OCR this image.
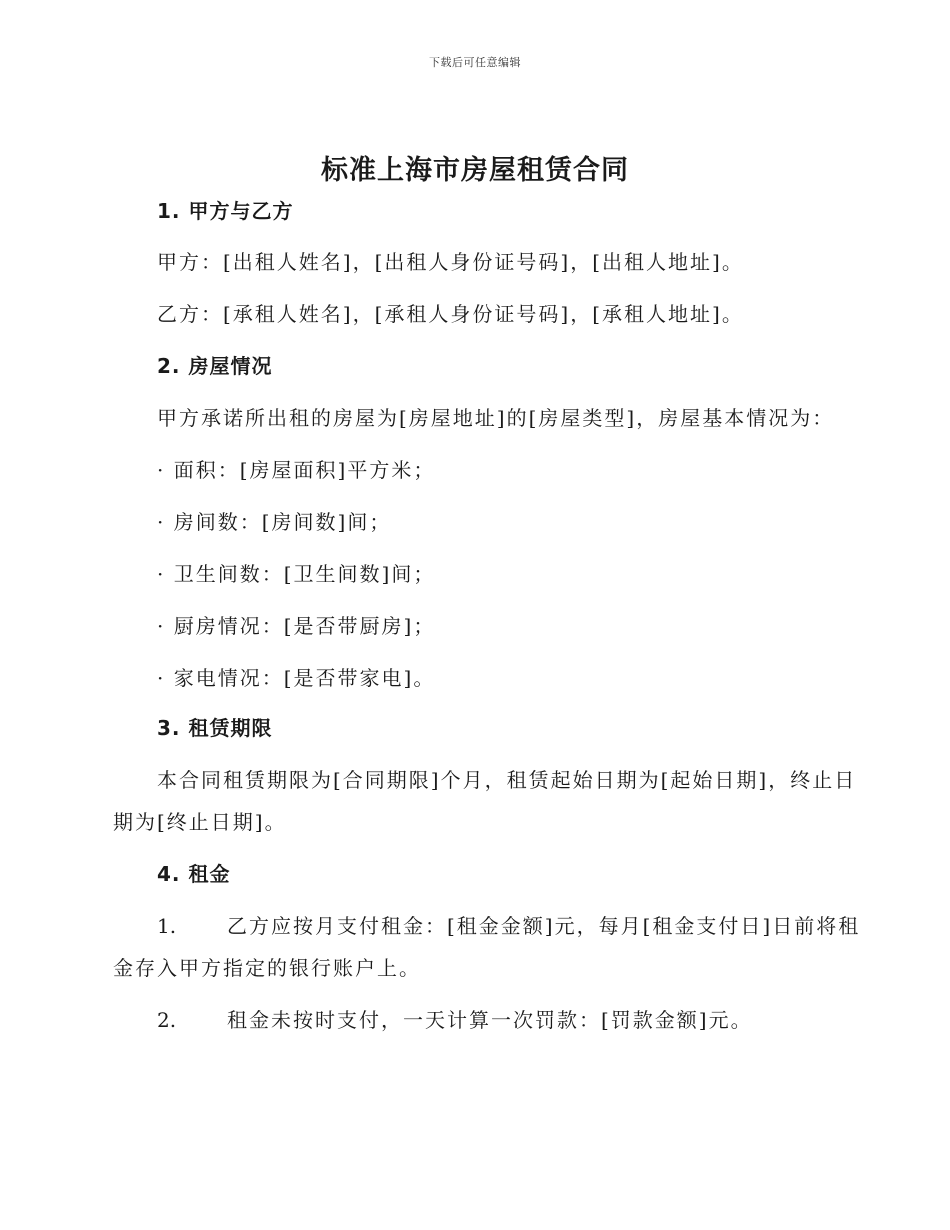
下载后可任意编辑
标准上海市房屋租赁合同
1. 甲方与乙方
甲方：[出租人姓名]，[出租人身份证号码]，[出租人地址]。
乙方：[承租人姓名]，[承租人身份证号码]，[承租人地址]。
2. 房屋情况
甲方承诺所出租的房屋为[房屋地址]的[房屋类型]，房屋基本情况为：
· 面积：[房屋面积]平方米；
· 房间数：[房间数]间；
· 卫生间数：[卫生间数]间；
· 厨房情况：[是否带厨房]；
· 家电情况：[是否带家电]。
3. 租赁期限
本合同租赁期限为[合同期限]个月，租赁起始日期为[起始日期]，终止日
期为[终止日期]。
4. 租金
1.	乙方应按月支付租金：[租金金额]元，每月[租金支付日]日前将租
金存入甲方指定的银行账户上。
2.	租金未按时支付，一天计算一次罚款：[罚款金额]元。
